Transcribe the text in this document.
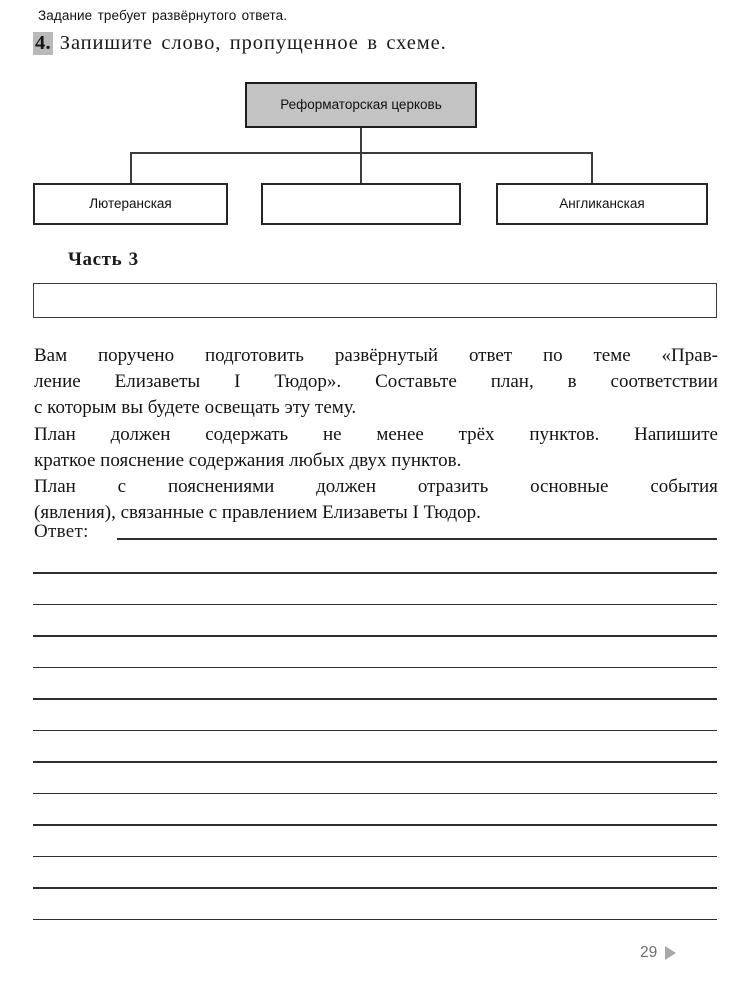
4. Запишите слово, пропущенное в схеме.
Реформаторская церковь
Лютеранская	Англиканская
Часть 3
Задание требует развёрнутого ответа.
Вам поручено подготовить развёрнутый ответ по теме «Прав-
ление Елизаветы I Тюдор». Составьте план, в соответствии
с которым вы будете освещать эту тему.
План должен содержать не менее трёх пунктов. Напишите
краткое пояснение содержания любых двух пунктов.
План с пояснениями должен отразить основные события
(явления), связанные с правлением Елизаветы I Тюдор.
Ответ:
29
